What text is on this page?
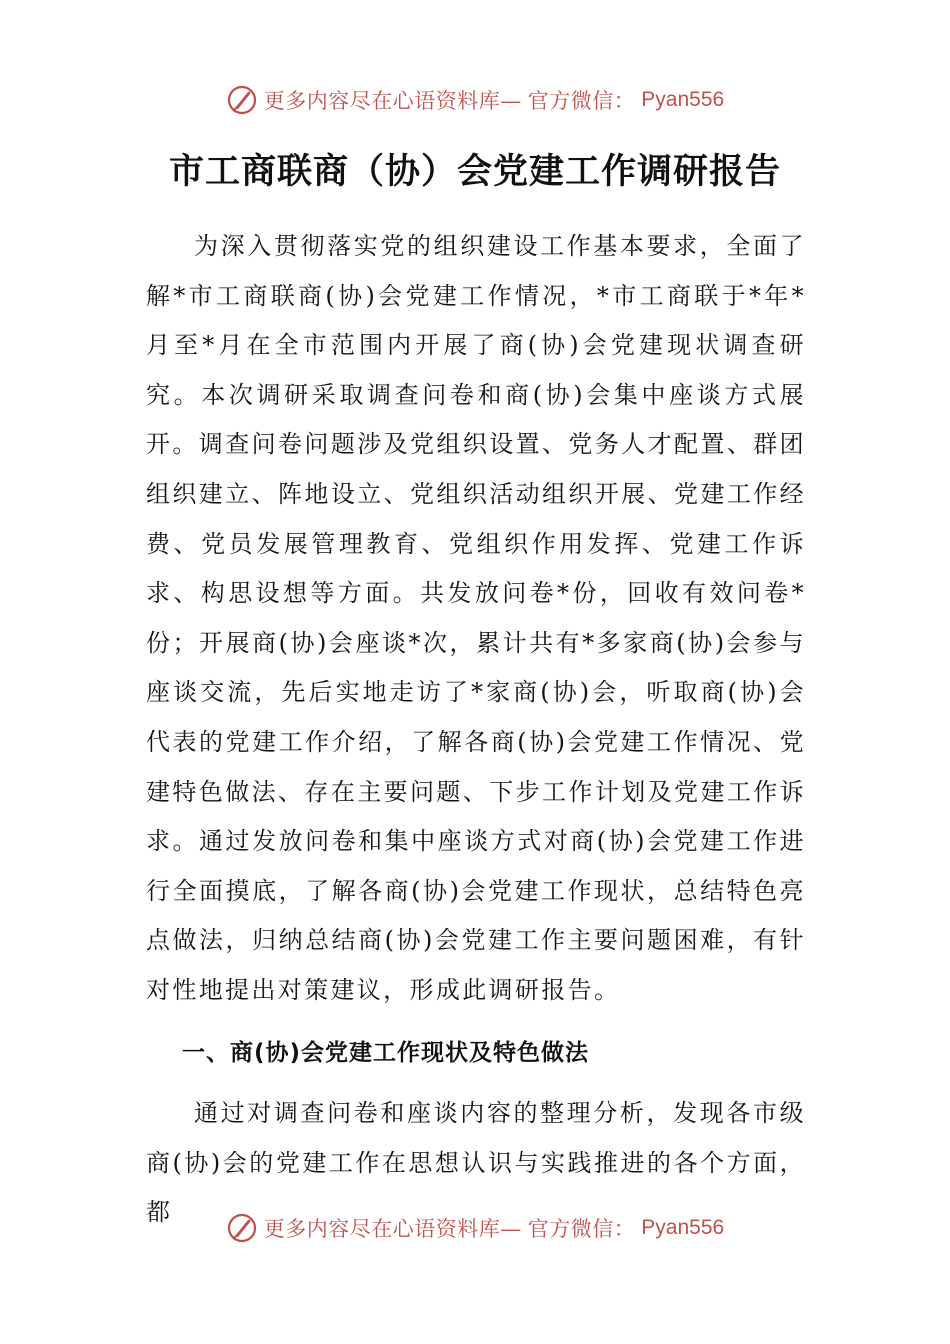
更多内容尽在心语资料库— 官方微信： Pyan556
市工商联商（协）会党建工作调研报告

为深入贯彻落实党的组织建设工作基本要求，全面了解*市工商联商(协)会党建工作情况，*市工商联于*年*月至*月在全市范围内开展了商(协)会党建现状调查研究。本次调研采取调查问卷和商(协)会集中座谈方式展开。调查问卷问题涉及党组织设置、党务人才配置、群团组织建立、阵地设立、党组织活动组织开展、党建工作经费、党员发展管理教育、党组织作用发挥、党建工作诉求、构思设想等方面。共发放问卷*份，回收有效问卷*份；开展商(协)会座谈*次，累计共有*多家商(协)会参与座谈交流，先后实地走访了*家商(协)会，听取商(协)会代表的党建工作介绍，了解各商(协)会党建工作情况、党建特色做法、存在主要问题、下步工作计划及党建工作诉求。通过发放问卷和集中座谈方式对商(协)会党建工作进行全面摸底，了解各商(协)会党建工作现状，总结特色亮点做法，归纳总结商(协)会党建工作主要问题困难，有针对性地提出对策建议，形成此调研报告。

一、商(协)会党建工作现状及特色做法

通过对调查问卷和座谈内容的整理分析，发现各市级商(协)会的党建工作在思想认识与实践推进的各个方面，都

更多内容尽在心语资料库— 官方微信： Pyan556
